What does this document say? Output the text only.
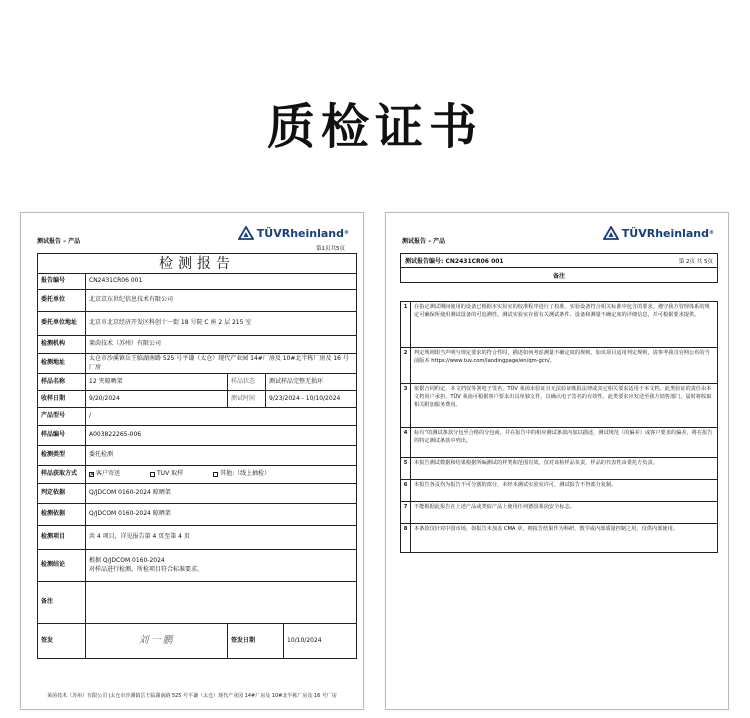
质检证书
测试报告 – 产品
TÜVRheinland ®
第1页共5页
检测报告
报告编号	CN2431CR06 001
委托单位	北京京东世纪信息技术有限公司
委托单位地址	北京市北京经济开发区科创十一街 18 号院 C 座 2 层 215 室
检测机构	莱茵技术（苏州）有限公司
检测地址
太仓市沙溪镇岳王临湖南路 525 号平谦（太仓）现代产业园 14#厂房及 10#北半栋厂房及 16 号厂房
样品名称	12 夹晾晒架	样品状态	测试样品完整无损坏
收样日期	9/20/2024	测试时间	9/23/2024 - 10/10/2024
产品型号	/
样品编号	A003822265-006
检测类型	委托检测
样品获取方式
×	客户寄送	TUV 取样	其他:（线上抽检）
判定依据	Q/JDCOM 0160-2024 晾晒架
检测依据	Q/JDCOM 0160-2024 晾晒架
检测项目	共 4 项目，详见报告第 4 页至第 4 页
检测结论
根据 Q/JDCOM 0160-2024
对样品进行检测，所检项目符合标准要求。
备注
签发	刘一鹏	签发日期	10/10/2024
莱茵技术（苏州）有限公司 |太仓市沙溪镇岳王临湖南路 525 号平谦（太仓）现代产业园 14#厂房及 10#北半栋厂房及 16 号厂房
测试报告 – 产品
TÜVRheinland ®
测试报告编号: CN2431CR06 001	第 2页 共 5页
备注
1	在指定测试期间使用的设备已根据本实验室的校准程序进行了校准。实验设备符合相关标准中包含的要求。遵守我方管理体系的规定可确保所使用测试设备的可追溯性。测试实验室存留有关测试条件、设备和测量不确定度的详细信息，并可根据要求提供。
2	判定规则即当声明与规定要求的符合性时，描述如何考虑测量不确定度的规则。如该项目适用判定规则，请参考我司官网公布的当前版本 https://www.tuv.com/landingpage/en/qm-gcn/。
3	依据合同约定，本文档仅等署电子签名，TÜV 莱茵未验证且无法验证帐报法律或其它相关要求适用于本文档。此类验证的责任由本文档用户承担。TÜV 莱茵可根据客户要求出具单独文件，以确认电子签名的有效性。此类要求应发送至我方销售部门，届时将收取相关附加服务费用。
4	标有“的测试条款分包至合格的分包商，并在报告中的相应测试条款内加以描述。测试规范（的偏差）或客户要求的偏差，将在报告的特定测试条款中列出。
5	本报告测试数据和结果根据所编测试的样类和范围有效。仅对该检样品负责，样品的代表性由委托方负责。
6	本报告各页均为报告不可分割的部分，未经本测试实验室许可，测试报告不得部分复制。
7	不能根据此报告在上述产品或类似产品上使用任何德国莱茵安全标志。
8	本条款仅针对中国市场，如报告未加盖 CMA 章，则报告结果作为科研、教学或内部质量控制之用，仅供内部使用。
